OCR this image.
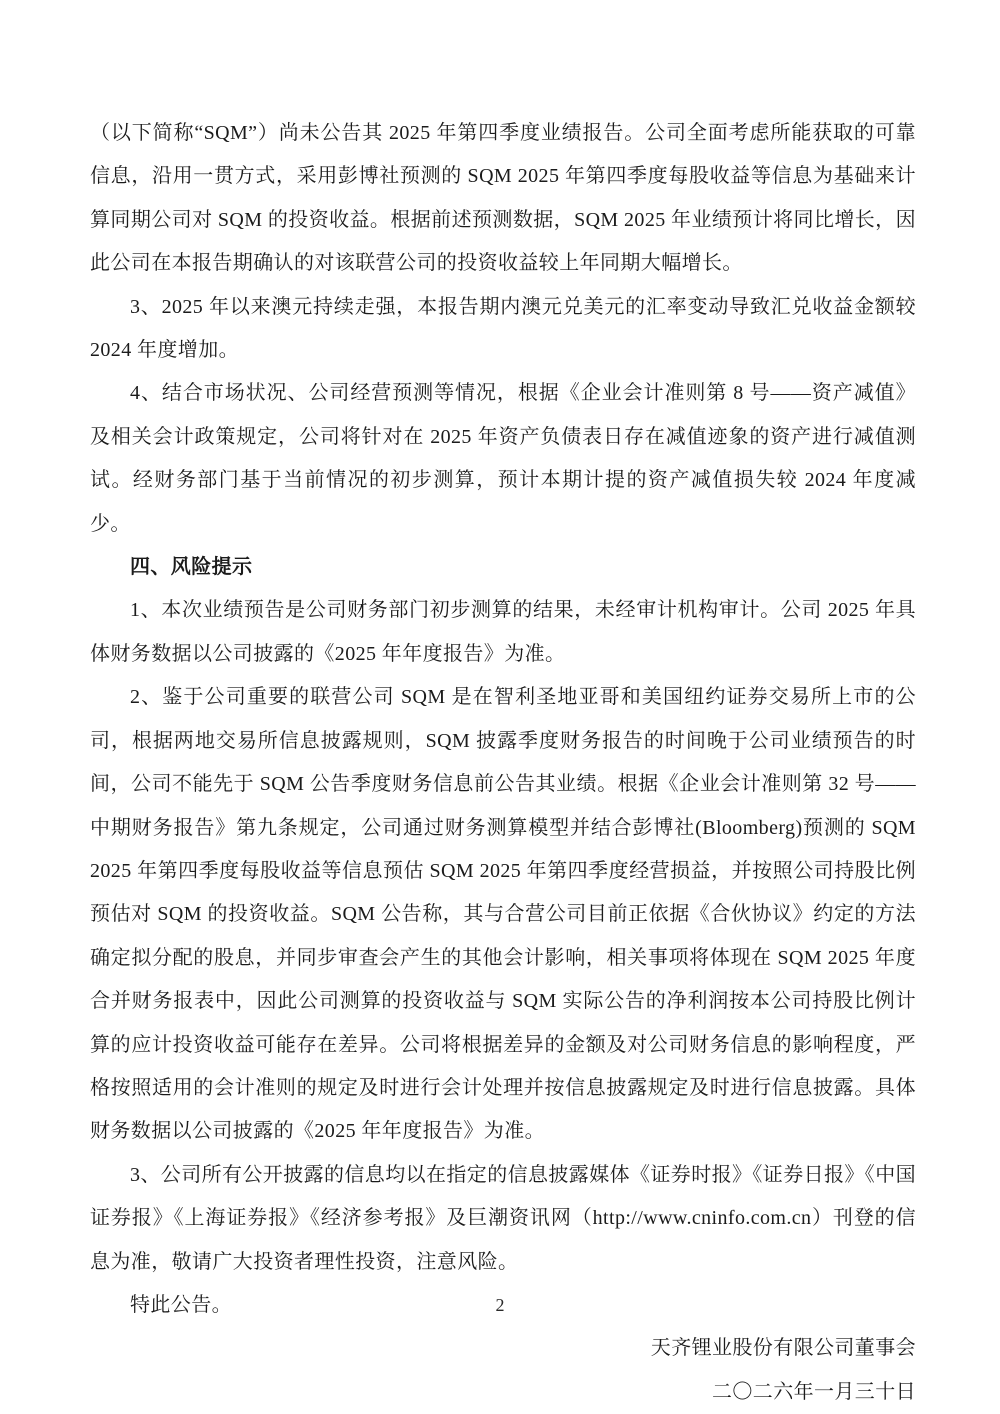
（以下简称“SQM”）尚未公告其 2025 年第四季度业绩报告。公司全面考虑所能获取的可靠信息，沿用一贯方式，采用彭博社预测的 SQM 2025 年第四季度每股收益等信息为基础来计算同期公司对 SQM 的投资收益。根据前述预测数据，SQM 2025 年业绩预计将同比增长，因此公司在本报告期确认的对该联营公司的投资收益较上年同期大幅增长。

3、2025 年以来澳元持续走强，本报告期内澳元兑美元的汇率变动导致汇兑收益金额较 2024 年度增加。

4、结合市场状况、公司经营预测等情况，根据《企业会计准则第 8 号——资产减值》及相关会计政策规定，公司将针对在 2025 年资产负债表日存在减值迹象的资产进行减值测试。经财务部门基于当前情况的初步测算，预计本期计提的资产减值损失较 2024 年度减少。

四、风险提示

1、本次业绩预告是公司财务部门初步测算的结果，未经审计机构审计。公司 2025 年具体财务数据以公司披露的《2025 年年度报告》为准。

2、鉴于公司重要的联营公司 SQM 是在智利圣地亚哥和美国纽约证券交易所上市的公司，根据两地交易所信息披露规则，SQM 披露季度财务报告的时间晚于公司业绩预告的时间，公司不能先于 SQM 公告季度财务信息前公告其业绩。根据《企业会计准则第 32 号——中期财务报告》第九条规定，公司通过财务测算模型并结合彭博社(Bloomberg)预测的 SQM 2025 年第四季度每股收益等信息预估 SQM 2025 年第四季度经营损益，并按照公司持股比例预估对 SQM 的投资收益。SQM 公告称，其与合营公司目前正依据《合伙协议》约定的方法确定拟分配的股息，并同步审查会产生的其他会计影响，相关事项将体现在 SQM 2025 年度合并财务报表中，因此公司测算的投资收益与 SQM 实际公告的净利润按本公司持股比例计算的应计投资收益可能存在差异。公司将根据差异的金额及对公司财务信息的影响程度，严格按照适用的会计准则的规定及时进行会计处理并按信息披露规定及时进行信息披露。具体财务数据以公司披露的《2025 年年度报告》为准。

3、公司所有公开披露的信息均以在指定的信息披露媒体《证券时报》《证券日报》《中国证券报》《上海证券报》《经济参考报》及巨潮资讯网（http://www.cninfo.com.cn）刊登的信息为准，敬请广大投资者理性投资，注意风险。

特此公告。

天齐锂业股份有限公司董事会

二〇二六年一月三十日

2
